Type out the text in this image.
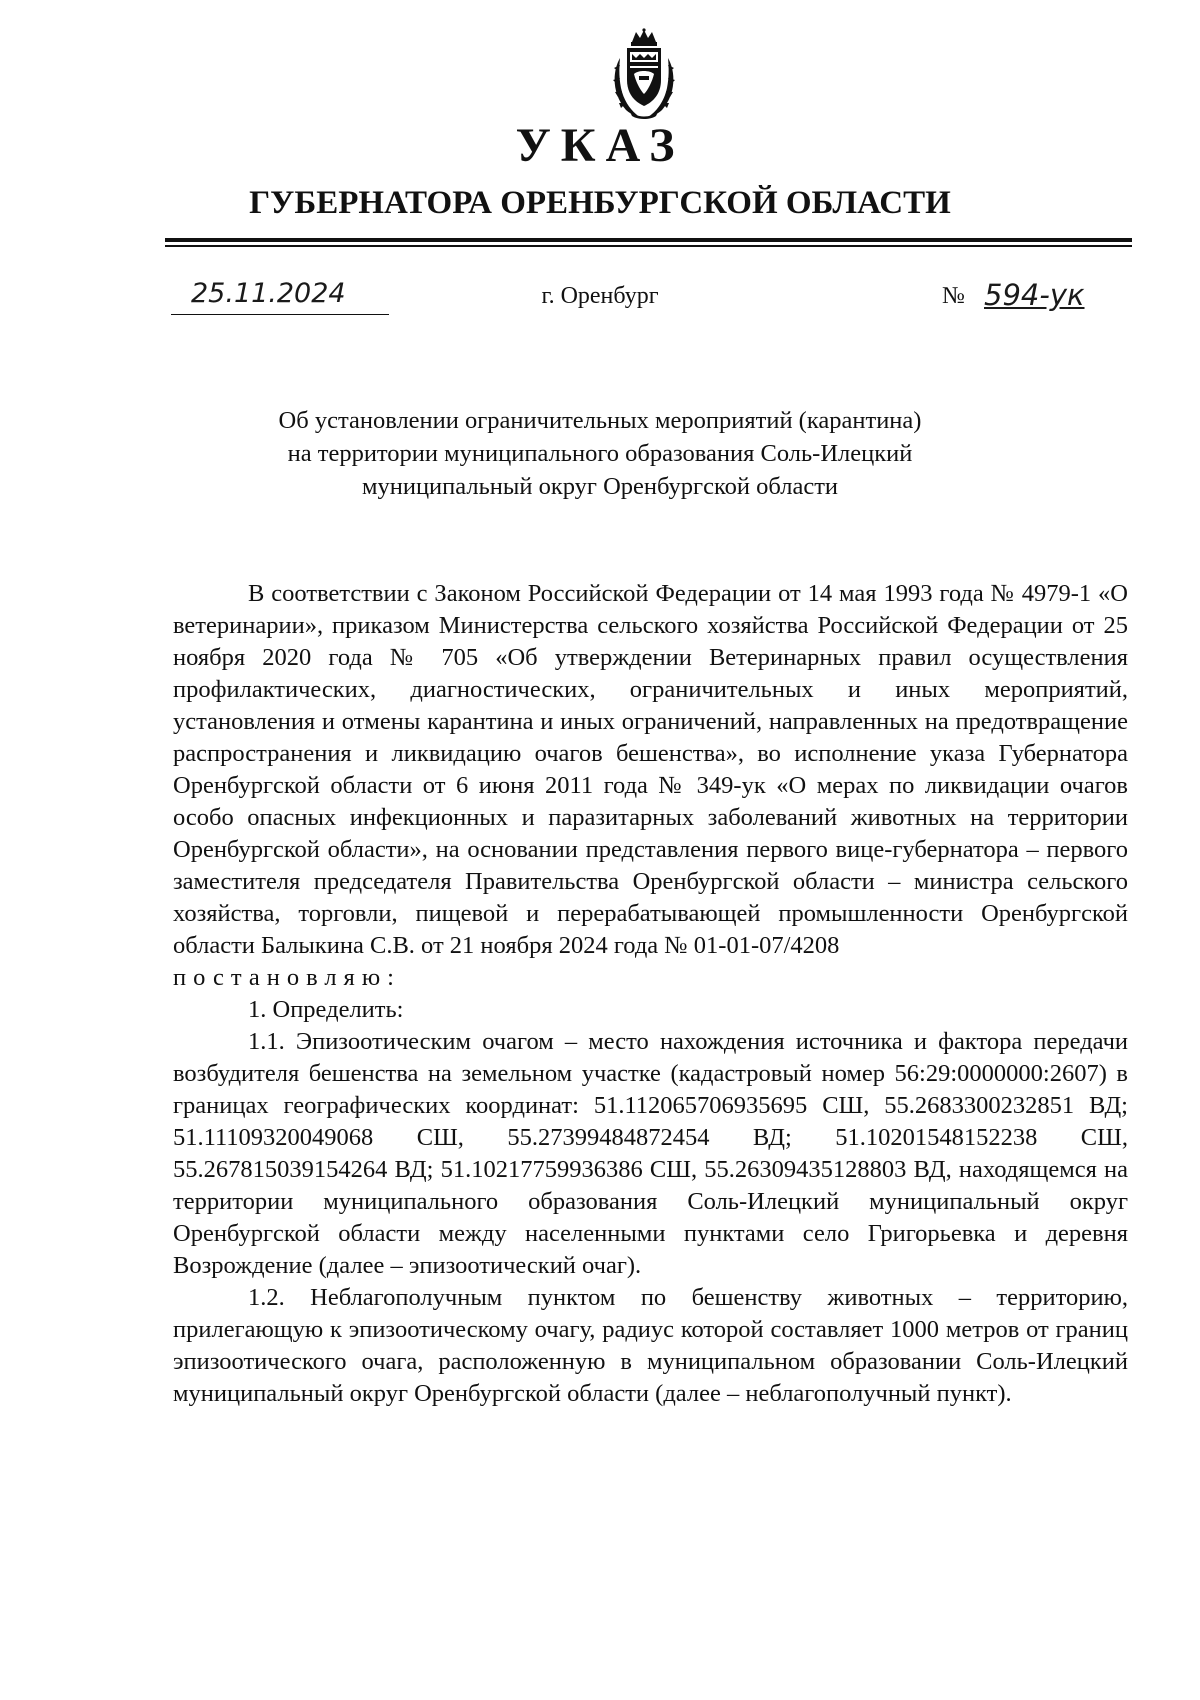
УКАЗ
ГУБЕРНАТОРА ОРЕНБУРГСКОЙ ОБЛАСТИ
25.11.2024	г. Оренбург	№ 594-ук
Об установлении ограничительных мероприятий (карантина)
на территории муниципального образования Соль-Илецкий
муниципальный округ Оренбургской области

В соответствии с Законом Российской Федерации от 14 мая 1993 года № 4979-1 «О ветеринарии», приказом Министерства сельского хозяйства Российской Федерации от 25 ноября 2020 года № 705 «Об утверждении Ветеринарных правил осуществления профилактических, диагностических, ограничительных и иных мероприятий, установления и отмены карантина и иных ограничений, направленных на предотвращение распространения и ликвидацию очагов бешенства», во исполнение указа Губернатора Оренбургской области от 6 июня 2011 года № 349-ук «О мерах по ликвидации очагов особо опасных инфекционных и паразитарных заболеваний животных на территории Оренбургской области», на основании представления первого вице-губернатора – первого заместителя председателя Правительства Оренбургской области – министра сельского хозяйства, торговли, пищевой и перерабатывающей промышленности Оренбургской области Балыкина С.В. от 21 ноября 2024 года № 01-01-07/4208

постановляю:

1. Определить:

1.1. Эпизоотическим очагом – место нахождения источника и фактора передачи возбудителя бешенства на земельном участке (кадастровый номер 56:29:0000000:2607) в границах географических координат: 51.112065706935695 СШ, 55.2683300232851 ВД; 51.11109320049068 СШ, 55.27399484872454 ВД; 51.10201548152238 СШ, 55.267815039154264 ВД; 51.10217759936386 СШ, 55.26309435128803 ВД, находящемся на территории муниципального образования Соль-Илецкий муниципальный округ Оренбургской области между населенными пунктами село Григорьевка и деревня Возрождение (далее – эпизоотический очаг).

1.2. Неблагополучным пунктом по бешенству животных – территорию, прилегающую к эпизоотическому очагу, радиус которой составляет 1000 метров от границ эпизоотического очага, расположенную в муниципальном образовании Соль-Илецкий муниципальный округ Оренбургской области (далее – неблагополучный пункт).
